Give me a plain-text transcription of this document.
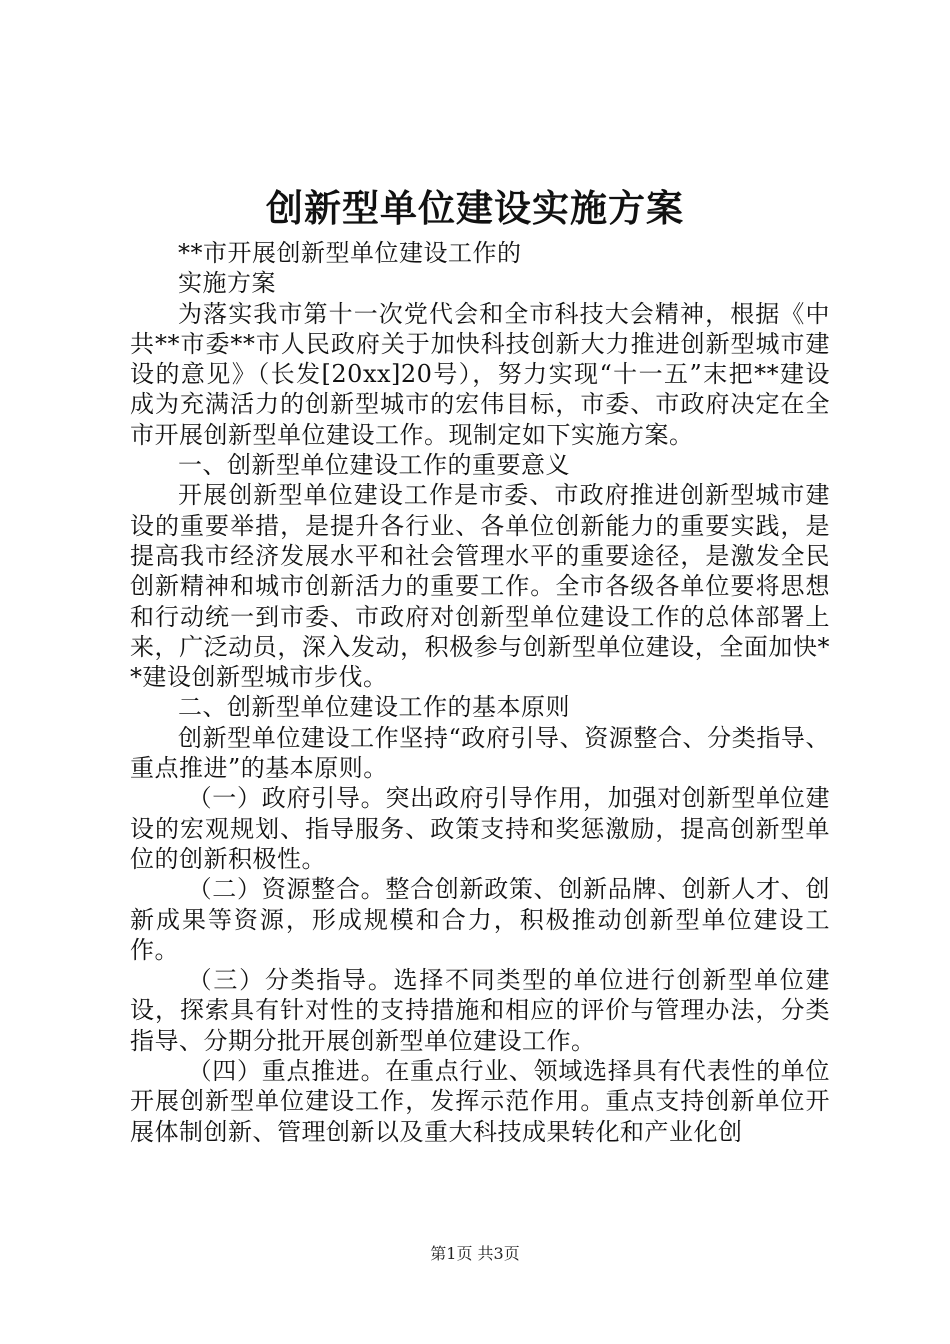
创新型单位建设实施方案

**市开展创新型单位建设工作的

实施方案

为落实我市第十一次党代会和全市科技大会精神，根据《中共**市委**市人民政府关于加快科技创新大力推进创新型城市建设的意见》（长发[20xx]20号），努力实现“十一五”末把**建设成为充满活力的创新型城市的宏伟目标，市委、市政府决定在全市开展创新型单位建设工作。现制定如下实施方案。

一、创新型单位建设工作的重要意义

开展创新型单位建设工作是市委、市政府推进创新型城市建设的重要举措，是提升各行业、各单位创新能力的重要实践，是提高我市经济发展水平和社会管理水平的重要途径，是激发全民创新精神和城市创新活力的重要工作。全市各级各单位要将思想和行动统一到市委、市政府对创新型单位建设工作的总体部署上来，广泛动员，深入发动，积极参与创新型单位建设，全面加快**建设创新型城市步伐。

二、创新型单位建设工作的基本原则

创新型单位建设工作坚持“政府引导、资源整合、分类指导、重点推进”的基本原则。

（一）政府引导。突出政府引导作用，加强对创新型单位建设的宏观规划、指导服务、政策支持和奖惩激励，提高创新型单位的创新积极性。

（二）资源整合。整合创新政策、创新品牌、创新人才、创新成果等资源，形成规模和合力，积极推动创新型单位建设工作。

（三）分类指导。选择不同类型的单位进行创新型单位建设，探索具有针对性的支持措施和相应的评价与管理办法，分类指导、分期分批开展创新型单位建设工作。

（四）重点推进。在重点行业、领域选择具有代表性的单位开展创新型单位建设工作，发挥示范作用。重点支持创新单位开展体制创新、管理创新以及重大科技成果转化和产业化创

第1页 共3页
